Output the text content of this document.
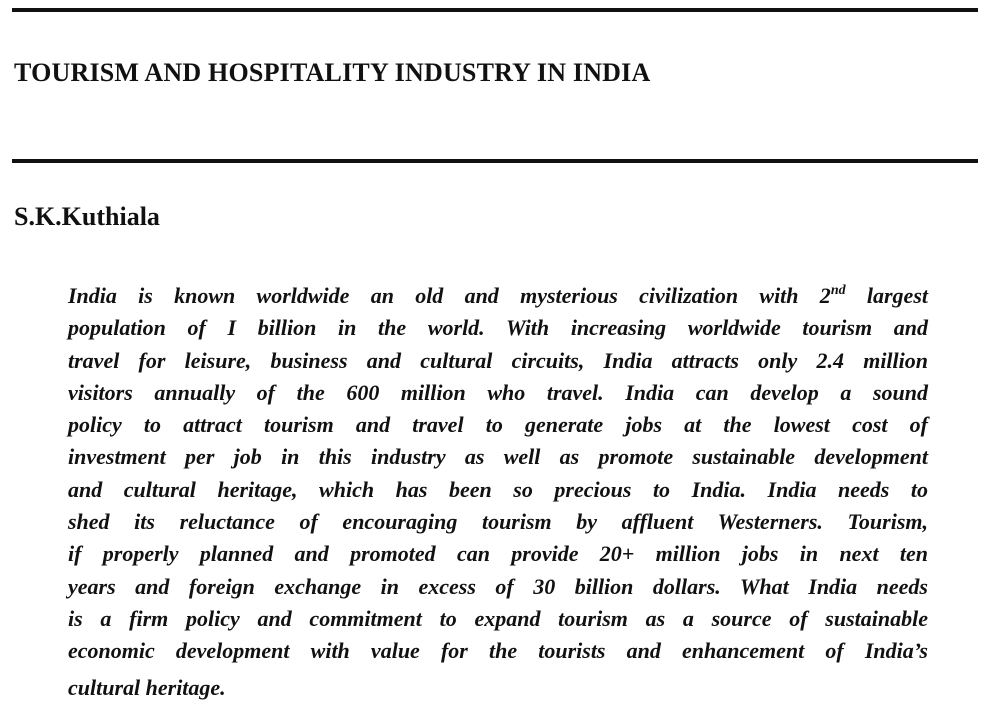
TOURISM AND HOSPITALITY INDUSTRY IN INDIA
S.K.Kuthiala
India is known worldwide an old and mysterious civilization with 2nd largest
population of I billion in the world. With increasing worldwide tourism and
travel for leisure, business and cultural circuits, India attracts only 2.4 million
visitors annually of the 600 million who travel. India can develop a sound
policy to attract tourism and travel to generate jobs at the lowest cost of
investment per job in this industry as well as promote sustainable development
and cultural heritage, which has been so precious to India. India needs to
shed its reluctance of encouraging tourism by affluent Westerners. Tourism,
if properly planned and promoted can provide 20+ million jobs in next ten
years and foreign exchange in excess of 30 billion dollars. What India needs
is a firm policy and commitment to expand tourism as a source of sustainable
economic development with value for the tourists and enhancement of India’s
cultural heritage.
